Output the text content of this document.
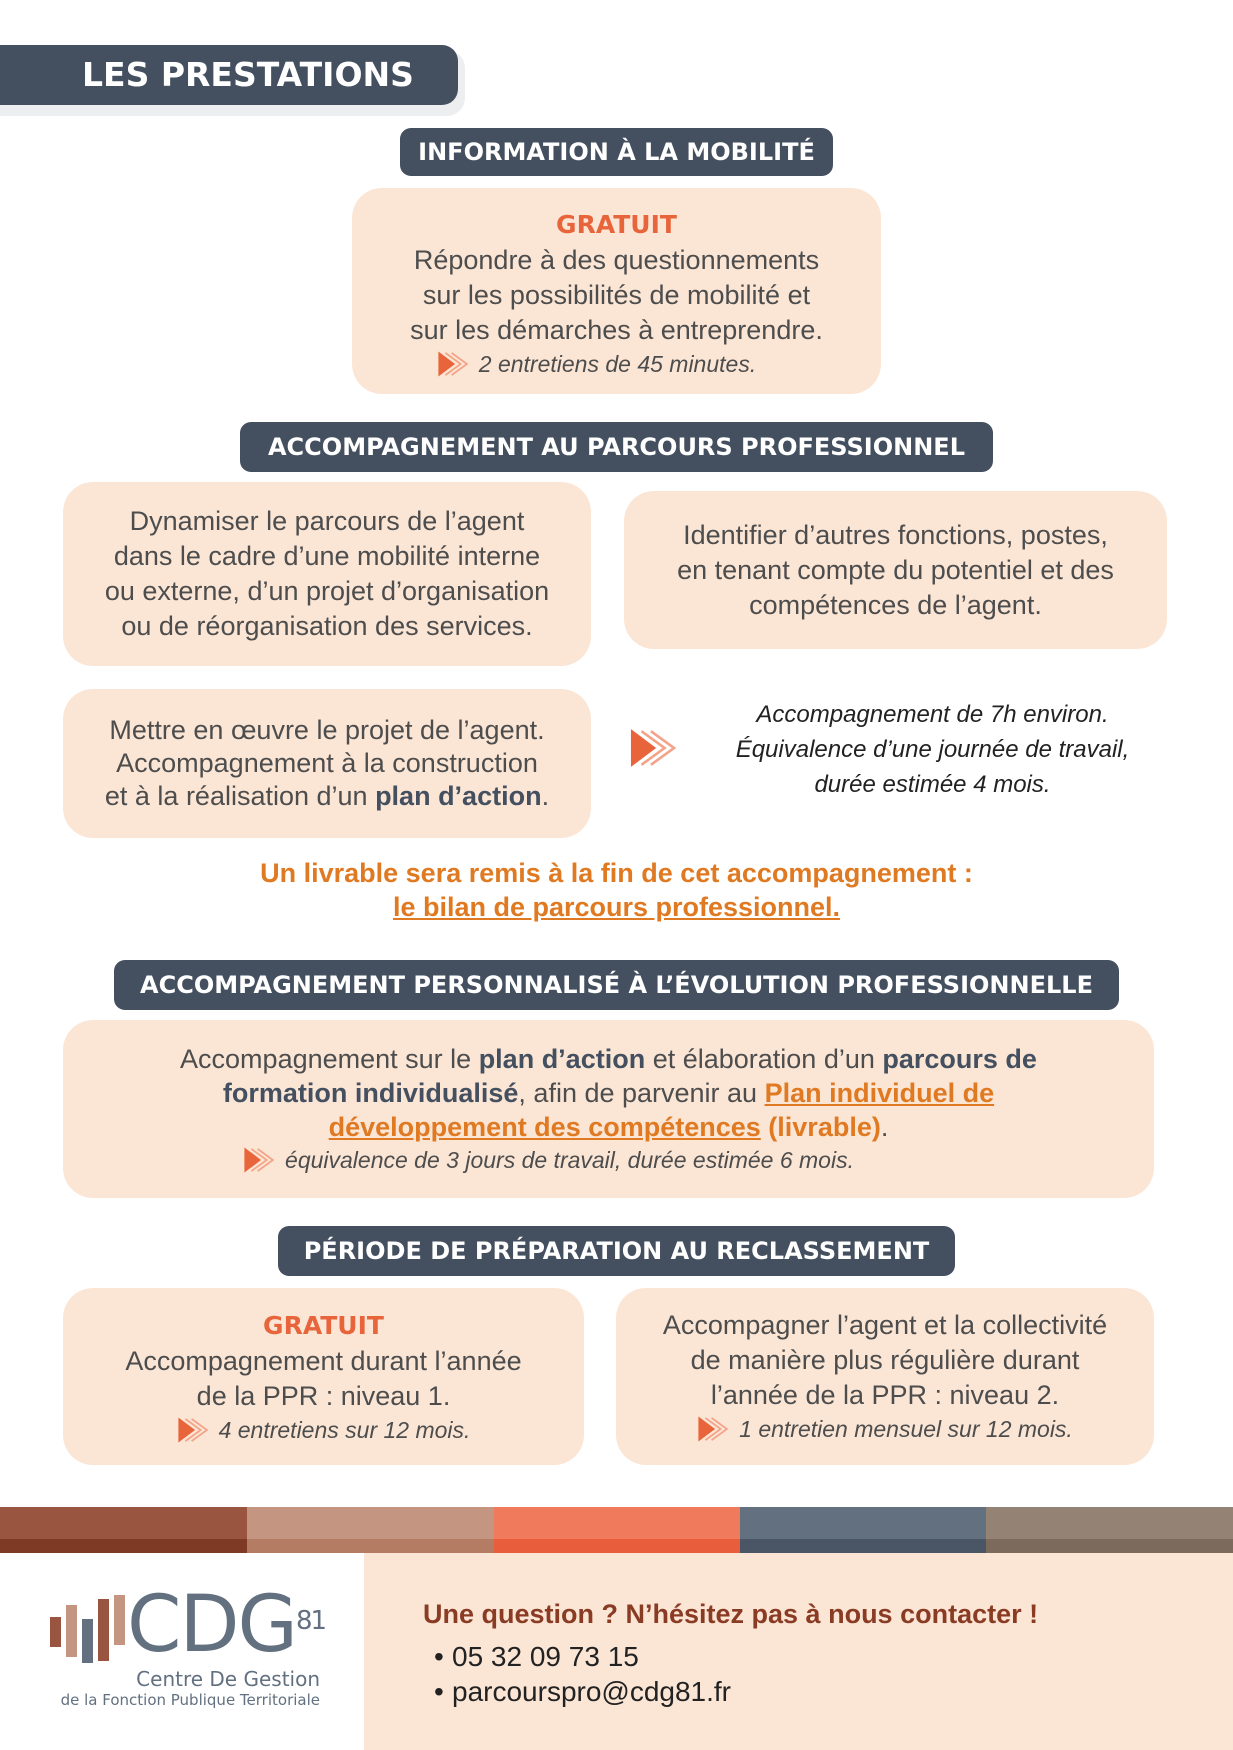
LES PRESTATIONS
INFORMATION À LA MOBILITÉ
GRATUIT
Répondre à des questionnements
sur les possibilités de mobilité et
sur les démarches à entreprendre.
2 entretiens de 45 minutes.
ACCOMPAGNEMENT AU PARCOURS PROFESSIONNEL
Dynamiser le parcours de l’agent
dans le cadre d’une mobilité interne
ou externe, d’un projet d’organisation
ou de réorganisation des services.
Identifier d’autres fonctions, postes,
en tenant compte du potentiel et des
compétences de l’agent.
Mettre en œuvre le projet de l’agent.
Accompagnement à la construction
et à la réalisation d’un plan d’action.
Accompagnement de 7h environ.
Équivalence d’une journée de travail,
durée estimée 4 mois.
Un livrable sera remis à la fin de cet accompagnement :
le bilan de parcours professionnel.
ACCOMPAGNEMENT PERSONNALISÉ À L’ÉVOLUTION PROFESSIONNELLE
Accompagnement sur le plan d’action et élaboration d’un parcours de
formation individualisé, afin de parvenir au Plan individuel de
développement des compétences (livrable).
équivalence de 3 jours de travail, durée estimée 6 mois.
PÉRIODE DE PRÉPARATION AU RECLASSEMENT
GRATUIT
Accompagnement durant l’année
de la PPR : niveau 1.
4 entretiens sur 12 mois.
Accompagner l’agent et la collectivité
de manière plus régulière durant
l’année de la PPR : niveau 2.
1 entretien mensuel sur 12 mois.
CDG$^{81}$
Centre De Gestion
de la Fonction Publique Territoriale
Une question ? N’hésitez pas à nous contacter !
• 05 32 09 73 15
• parcourspro@cdg81.fr
